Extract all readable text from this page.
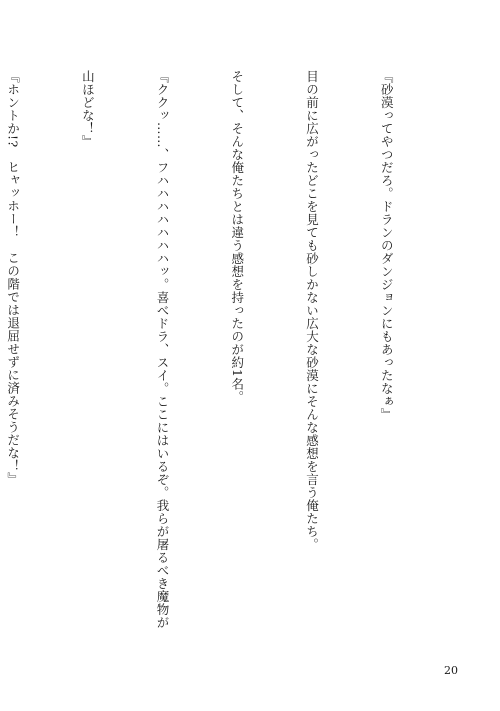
『砂漠ってやつだろ。ドランのダンジョンにもあったなぁ』

目の前に広がったどこを見ても砂しかない広大な砂漠にそんな感想を言う俺たち。

そして、そんな俺たちとは違う感想を持ったのが約1名。

『ククッ……、フハハハハハハハッ。喜べドラ、スイ。ここにはいるぞ。我らが屠るべき魔物が

山ほどな！』

『ホントか!?　ヒャッホー！　この階では退屈せずに済みそうだな！』

20
